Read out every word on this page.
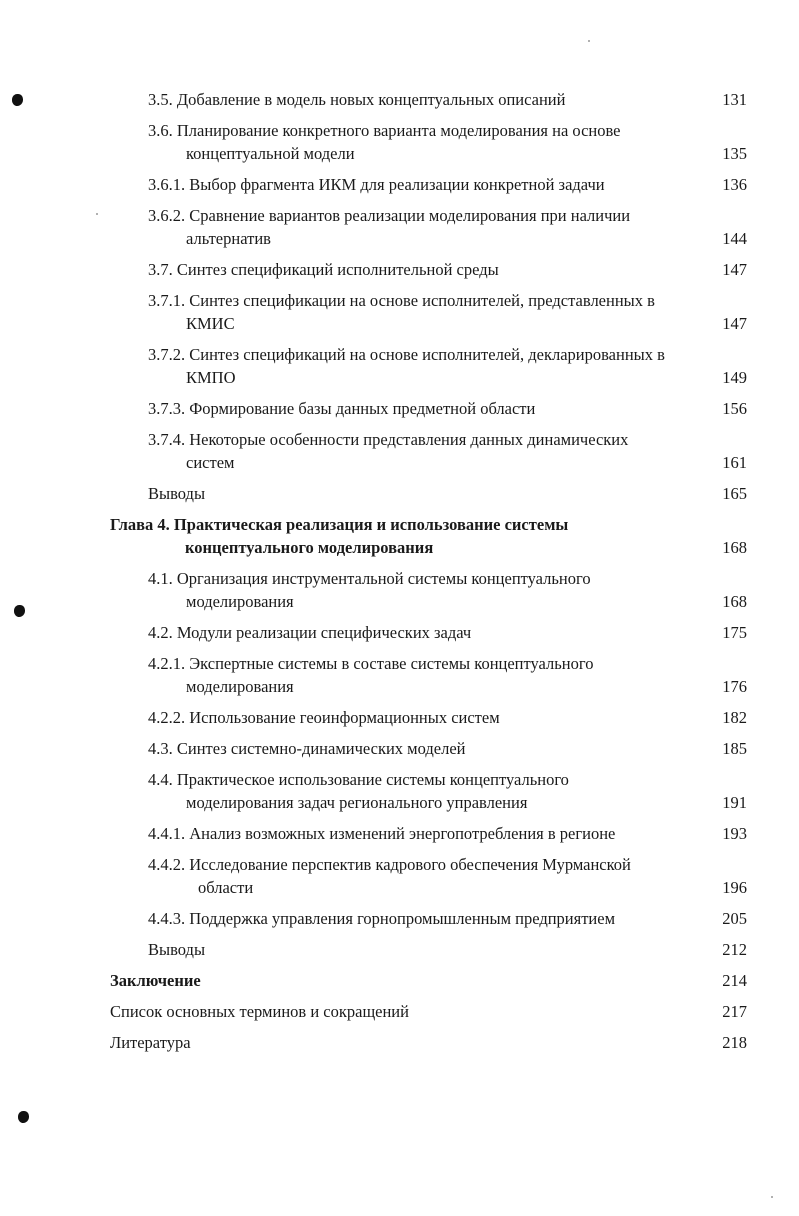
3.5. Добавление в модель новых концептуальных описаний	131
3.6. Планирование конкретного варианта моделирования на основе
концептуальной модели	135
3.6.1. Выбор фрагмента ИКМ для реализации конкретной задачи	136
3.6.2. Сравнение вариантов реализации моделирования при наличии
альтернатив	144
3.7. Синтез спецификаций исполнительной среды	147
3.7.1. Синтез спецификации на основе исполнителей, представленных в
КМИС	147
3.7.2. Синтез спецификаций на основе исполнителей, декларированных в
КМПО	149
3.7.3. Формирование базы данных предметной области	156
3.7.4. Некоторые особенности представления данных динамических
систем	161
Выводы	165
Глава 4. Практическая реализация и использование системы
концептуального моделирования	168
4.1. Организация инструментальной системы концептуального
моделирования	168
4.2. Модули реализации специфических задач	175
4.2.1. Экспертные системы в составе системы концептуального
моделирования	176
4.2.2. Использование геоинформационных систем	182
4.3. Синтез системно-динамических моделей	185
4.4. Практическое использование системы концептуального
моделирования задач регионального управления	191
4.4.1. Анализ возможных изменений энергопотребления в регионе	193
4.4.2. Исследование перспектив кадрового обеспечения Мурманской
области	196
4.4.3. Поддержка управления горнопромышленным предприятием	205
Выводы	212
Заключение	214
Список основных терминов и сокращений	217
Литература	218
